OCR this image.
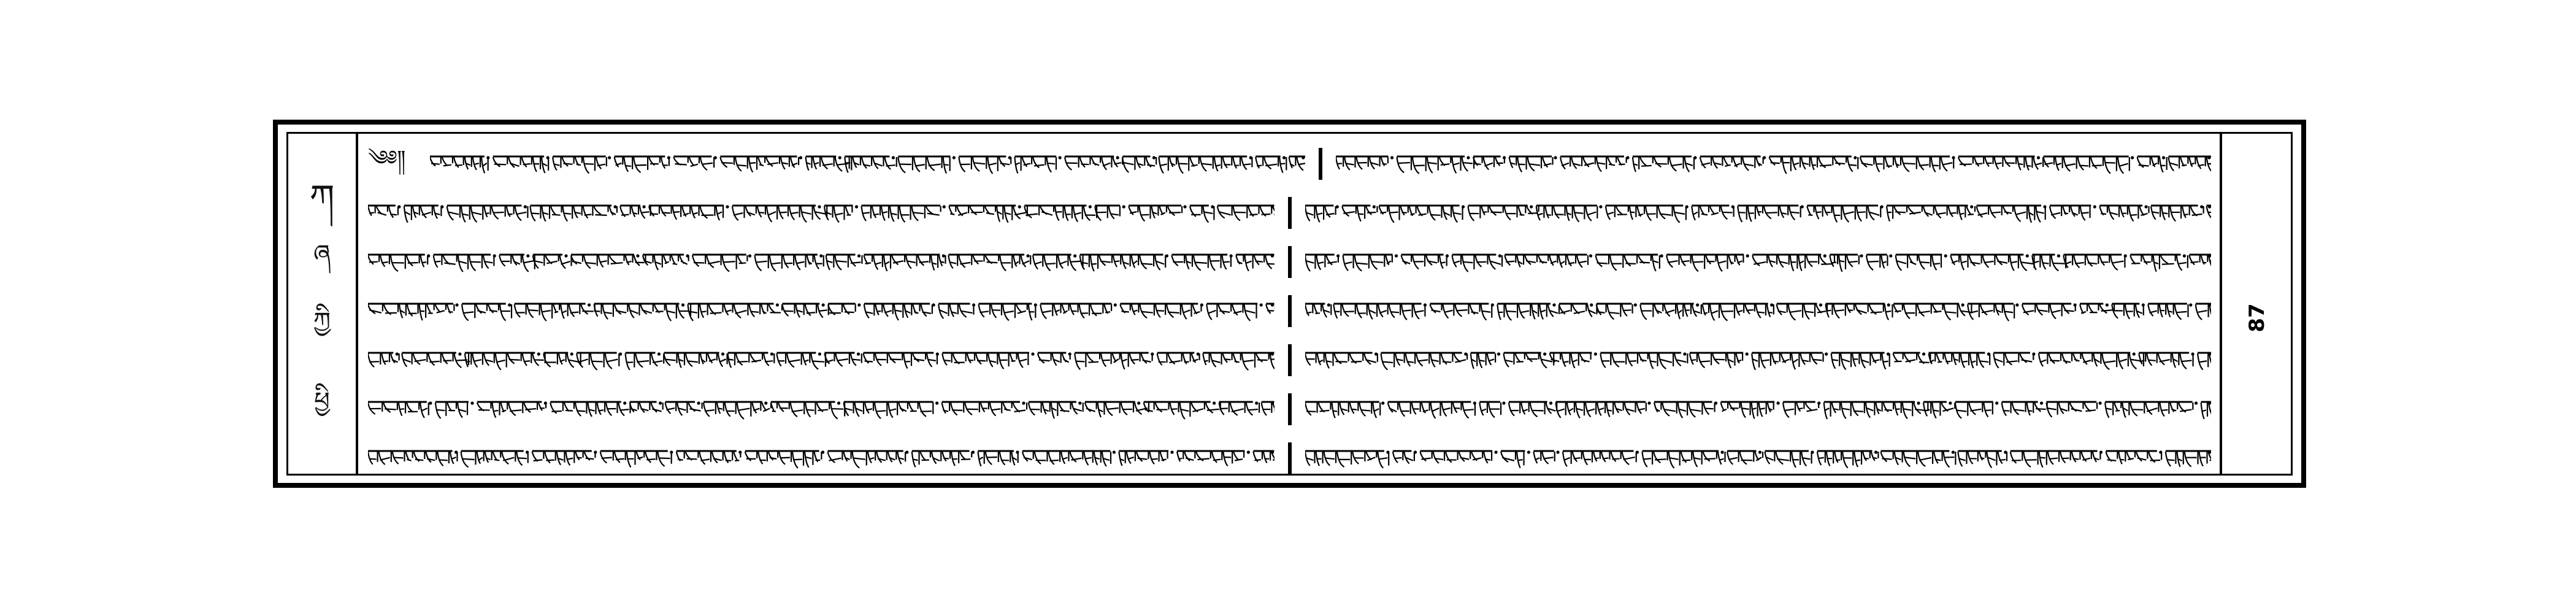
ཀ
ཞ
ཀྱི
ཕྱི
༄༅༎
87
